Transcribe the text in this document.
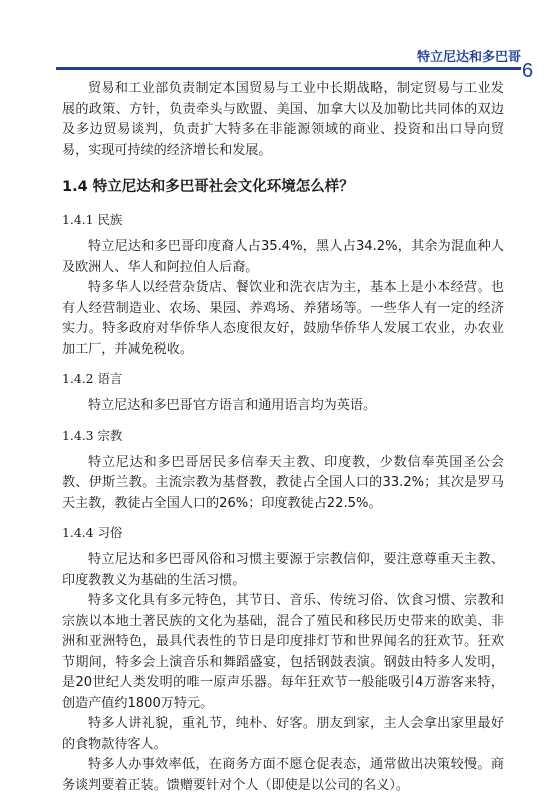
特立尼达和多巴哥
6

贸易和工业部负责制定本国贸易与工业中长期战略，制定贸易与工业发展的政策、方针，负责牵头与欧盟、美国、加拿大以及加勒比共同体的双边及多边贸易谈判，负责扩大特多在非能源领域的商业、投资和出口导向贸易，实现可持续的经济增长和发展。

1.4 特立尼达和多巴哥社会文化环境怎么样？
1.4.1 民族

特立尼达和多巴哥印度裔人占35.4%，黑人占34.2%，其余为混血种人及欧洲人、华人和阿拉伯人后裔。

特多华人以经营杂货店、餐饮业和洗衣店为主，基本上是小本经营。也有人经营制造业、农场、果园、养鸡场、养猪场等。一些华人有一定的经济实力。特多政府对华侨华人态度很友好，鼓励华侨华人发展工农业，办农业加工厂，并减免税收。

1.4.2 语言

特立尼达和多巴哥官方语言和通用语言均为英语。

1.4.3 宗教

特立尼达和多巴哥居民多信奉天主教、印度教，少数信奉英国圣公会教、伊斯兰教。主流宗教为基督教，教徒占全国人口的33.2%；其次是罗马天主教，教徒占全国人口的26%；印度教徒占22.5%。

1.4.4 习俗

特立尼达和多巴哥风俗和习惯主要源于宗教信仰，要注意尊重天主教、印度教教义为基础的生活习惯。

特多文化具有多元特色，其节日、音乐、传统习俗、饮食习惯、宗教和宗族以本地土著民族的文化为基础，混合了殖民和移民历史带来的欧美、非洲和亚洲特色，最具代表性的节日是印度排灯节和世界闻名的狂欢节。狂欢节期间，特多会上演音乐和舞蹈盛宴，包括钢鼓表演。钢鼓由特多人发明，是20世纪人类发明的唯一原声乐器。每年狂欢节一般能吸引4万游客来特，创造产值约1800万特元。

特多人讲礼貌，重礼节，纯朴、好客。朋友到家，主人会拿出家里最好的食物款待客人。

特多人办事效率低，在商务方面不愿仓促表态，通常做出决策较慢。商务谈判要着正装。馈赠要针对个人（即使是以公司的名义）。
